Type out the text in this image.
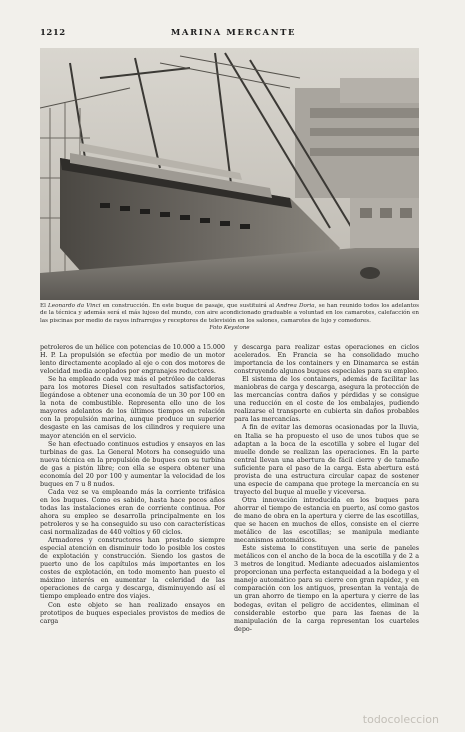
1212	MARINA MERCANTE
El Leonardo da Vinci en construcción. En este buque de pasaje, que sustituirá al Andrea Doria, se han reunido todos los adelantos de la técnica y además será el más lujoso del mundo, con aire acondicionado graduable a voluntad en los camarotes, calefacción en las piscinas por medio de rayos infrarrojos y receptores de televisión en los salones, camarotes de lujo y comedores.
Foto Keystone

petroleros de un hélice con potencias de 10.000 a 15.000 H. P. La propulsión se efectúa por medio de un motor lento directamente acoplado al eje o con dos motores de velocidad media acoplados por engranajes reductores.

Se ha empleado cada vez más el petróleo de calderas para los motores Diesel con resultados satisfactorios, llegándose a obtener una economía de un 30 por 100 en la nota de combustible. Representa ello uno de los mayores adelantos de los últimos tiempos en relación con la propulsión marina, aunque produce un superior desgaste en las camisas de los cilindros y requiere una mayor atención en el servicio.

Se han efectuado continuos estudios y ensayos en las turbinas de gas. La General Motors ha conseguido una nueva técnica en la propulsión de buques con su turbina de gas a pistón libre; con ella se espera obtener una economía del 20 por 100 y aumentar la velocidad de los buques en 7 u 8 nudos.

Cada vez se va empleando más la corriente trifásica en los buques. Como es sabido, hasta hace pocos años todas las instalaciones eran de corriente continua. Por ahora su empleo se desarrolla principalmente en los petroleros y se ha conseguido su uso con características casi normalizadas de 440 voltios y 60 ciclos.

Armadores y constructores han prestado siempre especial atención en disminuir todo lo posible los costes de explotación y construcción. Siendo los gastos de puerto uno de los capítulos más importantes en los costes de explotación, en todo momento han puesto el máximo interés en aumentar la celeridad de las operaciones de carga y descarga, disminuyendo así el tiempo empleado entre dos viajes.

Con este objeto se han realizado ensayos en prototipos de buques especiales provistos de medios de carga

y descarga para realizar estas operaciones en ciclos acelerados. En Francia se ha consolidado mucho importancia de los containers y en Dinamarca se están construyendo algunos buques especiales para su empleo.

El sistema de los containers, además de facilitar las maniobras de carga y descarga, asegura la protección de las mercancías contra daños y pérdidas y se consigue una reducción en el coste de los embalajes, pudiendo realizarse el transporte en cubierta sin daños probables para las mercancías.

A fin de evitar las demoras ocasionadas por la lluvia, en Italia se ha propuesto el uso de unos tubos que se adaptan a la boca de la escotilla y sobre el lugar del muelle donde se realizan las operaciones. En la parte central llevan una abertura de fácil cierre y de tamaño suficiente para el paso de la carga. Esta abertura está provista de una estructura circular capaz de sostener una especie de campana que protege la mercancía en su trayecto del buque al muelle y viceversa.

Otra innovación introducida en los buques para ahorrar el tiempo de estancia en puerto, así como gastos de mano de obra en la apertura y cierre de las escotillas, que se hacen en muchos de ellos, consiste en el cierre metálico de las escotillas; se manipula mediante mecanismos automáticos.

Este sistema lo constituyen una serie de paneles metálicos con el ancho de la boca de la escotilla y de 2 a 3 metros de longitud. Mediante adecuados aislamientos proporcionan una perfecta estanqueidad a la bodega y el manejo automático para su cierre con gran rapidez, y en comparación con los antiguos, presentan la ventaja de un gran ahorro de tiempo en la apertura y cierre de las bodegas, evitan el peligro de accidentes, eliminan el considerable estorbo que para las faenas de la manipulación de la carga representan los cuarteles depo-

todocoleccion
